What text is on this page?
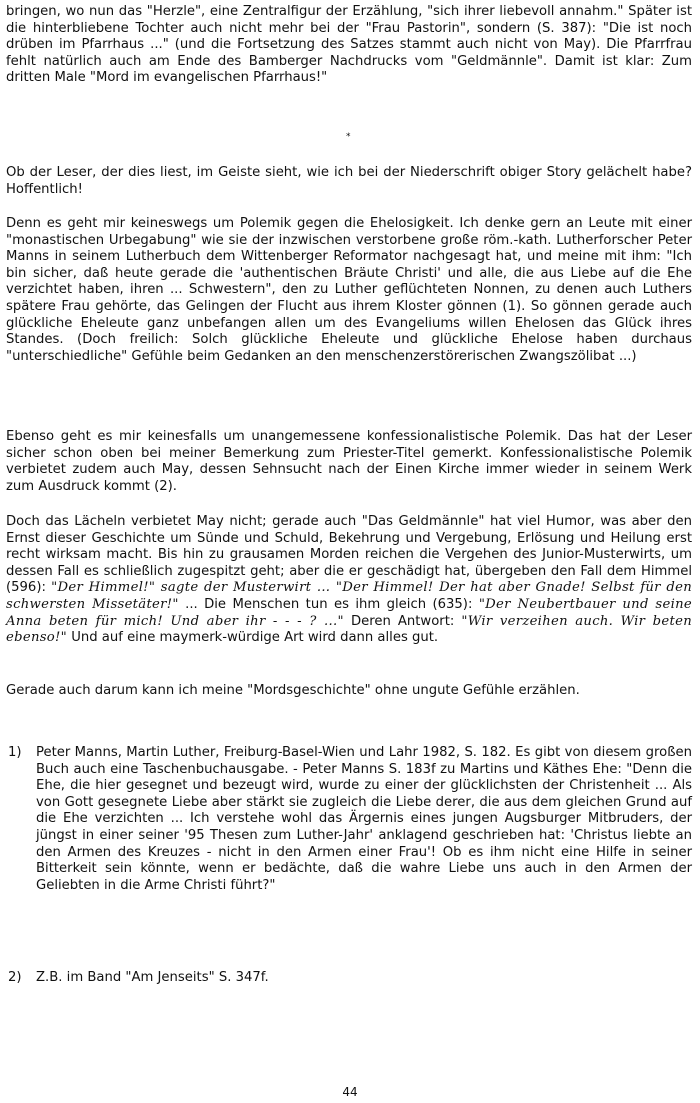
bringen, wo nun das "Herzle", eine Zentralfigur der Erzählung, "sich ihrer liebevoll annahm." Später ist die hinterbliebene Tochter auch nicht mehr bei der "Frau Pastorin", sondern (S. 387): "Die ist noch drüben im Pfarrhaus ..." (und die Fortsetzung des Satzes stammt auch nicht von May). Die Pfarrfrau fehlt natürlich auch am Ende des Bamberger Nachdrucks vom "Geldmännle". Damit ist klar: Zum dritten Male "Mord im evangelischen Pfarrhaus!"

*

Ob der Leser, der dies liest, im Geiste sieht, wie ich bei der Niederschrift obiger Story gelächelt habe? Hoffentlich!

Denn es geht mir keineswegs um Polemik gegen die Ehelosigkeit. Ich denke gern an Leute mit einer "monastischen Urbegabung" wie sie der inzwischen verstorbene große röm.-kath. Lutherforscher Peter Manns in seinem Lutherbuch dem Wittenberger Reformator nachgesagt hat, und meine mit ihm: "Ich bin sicher, daß heute gerade die 'authentischen Bräute Christi' und alle, die aus Liebe auf die Ehe verzichtet haben, ihren ... Schwestern", den zu Luther geflüchteten Nonnen, zu denen auch Luthers spätere Frau gehörte, das Gelingen der Flucht aus ihrem Kloster gönnen (1). So gönnen gerade auch glückliche Eheleute ganz unbefangen allen um des Evangeliums willen Ehelosen das Glück ihres Standes. (Doch freilich: Solch glückliche Eheleute und glückliche Ehelose haben durchaus "unterschiedliche" Gefühle beim Gedanken an den menschenzerstörerischen Zwangszölibat ...)

Ebenso geht es mir keinesfalls um unangemessene konfessionalistische Polemik. Das hat der Leser sicher schon oben bei meiner Bemerkung zum Priester-Titel gemerkt. Konfessionalistische Polemik verbietet zudem auch May, dessen Sehnsucht nach der Einen Kirche immer wieder in seinem Werk zum Ausdruck kommt (2).

Doch das Lächeln verbietet May nicht; gerade auch "Das Geldmännle" hat viel Humor, was aber den Ernst dieser Geschichte um Sünde und Schuld, Bekehrung und Vergebung, Erlösung und Heilung erst recht wirksam macht. Bis hin zu grausamen Morden reichen die Vergehen des Junior-Musterwirts, um dessen Fall es schließlich zugespitzt geht; aber die er geschädigt hat, übergeben den Fall dem Himmel (596): "Der Himmel!" sagte der Musterwirt ... "Der Himmel! Der hat aber Gnade! Selbst für den schwersten Missetäter!" ... Die Menschen tun es ihm gleich (635): "Der Neubertbauer und seine Anna beten für mich! Und aber ihr - - - ? ..." Deren Antwort: "Wir verzeihen auch. Wir beten ebenso!" Und auf eine maymerk-würdige Art wird dann alles gut.

Gerade auch darum kann ich meine "Mordsgeschichte" ohne ungute Gefühle erzählen.

1) Peter Manns, Martin Luther, Freiburg-Basel-Wien und Lahr 1982, S. 182. Es gibt von diesem großen Buch auch eine Taschenbuchausgabe. - Peter Manns S. 183f zu Martins und Käthes Ehe: "Denn die Ehe, die hier gesegnet und bezeugt wird, wurde zu einer der glücklichsten der Christenheit ... Als von Gott gesegnete Liebe aber stärkt sie zugleich die Liebe derer, die aus dem gleichen Grund auf die Ehe verzichten ... Ich verstehe wohl das Ärgernis eines jungen Augsburger Mitbruders, der jüngst in einer seiner '95 Thesen zum Luther-Jahr' anklagend geschrieben hat: 'Christus liebte an den Armen des Kreuzes - nicht in den Armen einer Frau'! Ob es ihm nicht eine Hilfe in seiner Bitterkeit sein könnte, wenn er bedächte, daß die wahre Liebe uns auch in den Armen der Geliebten in die Arme Christi führt?"
2) Z.B. im Band "Am Jenseits" S. 347f.
44
